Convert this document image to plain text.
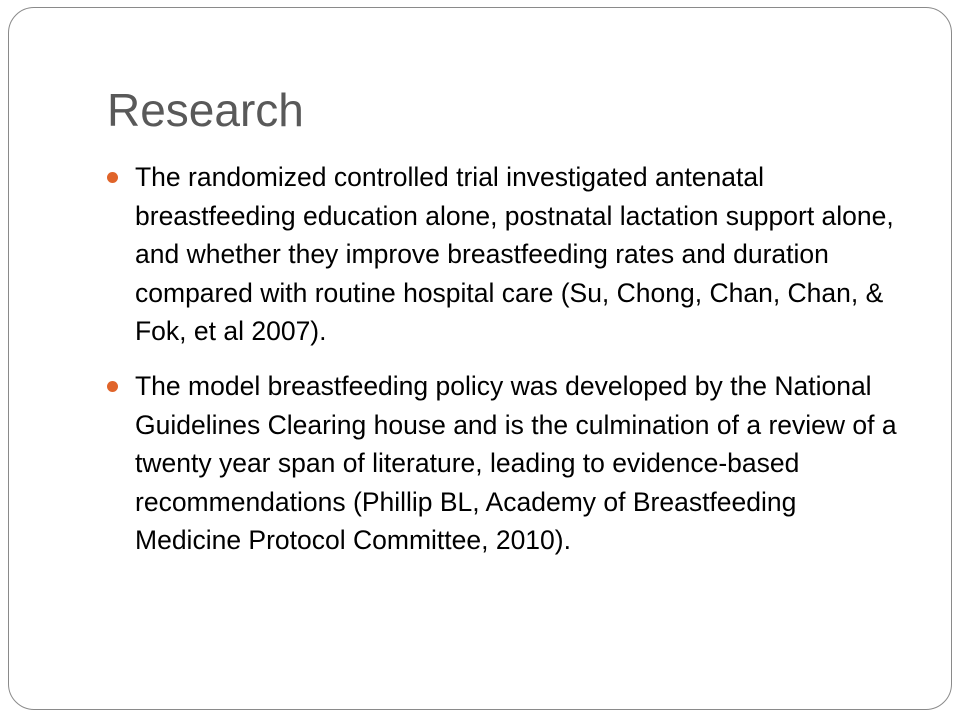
Research
The randomized controlled trial investigated antenatal breastfeeding education alone, postnatal lactation support alone, and whether they improve breastfeeding rates and duration compared with routine hospital care (Su, Chong, Chan, Chan, & Fok, et al 2007).
The model breastfeeding policy was developed by the National Guidelines Clearing house and is the culmination of a review of a twenty year span of literature, leading to evidence-based recommendations (Phillip BL, Academy of Breastfeeding Medicine Protocol Committee, 2010).
